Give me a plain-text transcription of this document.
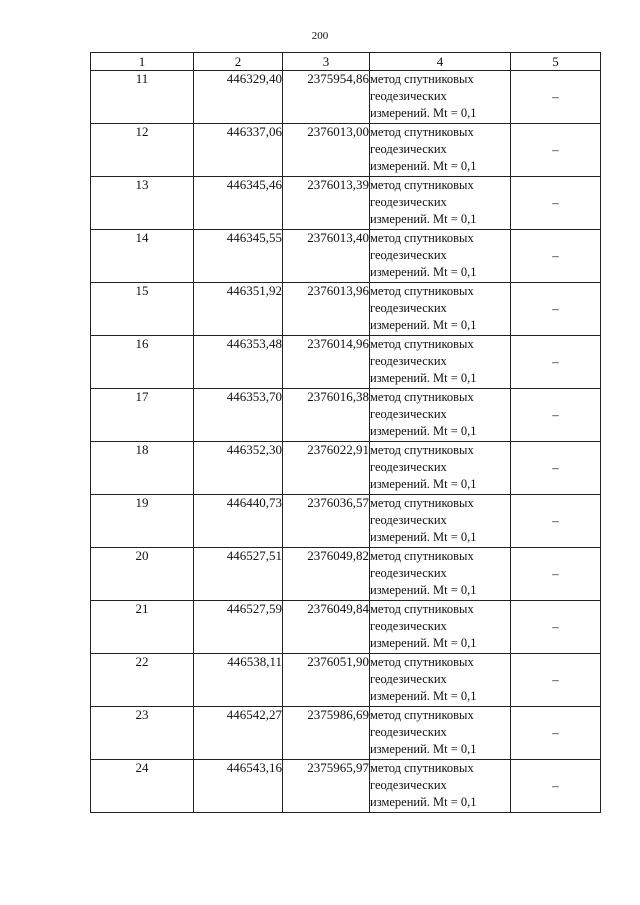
200
1	2	3	4	5
11	446329,40	2375954,86	метод спутниковых
геодезических
измерений. Mt = 0,1	–
12	446337,06	2376013,00	метод спутниковых
геодезических
измерений. Mt = 0,1	–
13	446345,46	2376013,39	метод спутниковых
геодезических
измерений. Mt = 0,1	–
14	446345,55	2376013,40	метод спутниковых
геодезических
измерений. Mt = 0,1	–
15	446351,92	2376013,96	метод спутниковых
геодезических
измерений. Mt = 0,1	–
16	446353,48	2376014,96	метод спутниковых
геодезических
измерений. Mt = 0,1	–
17	446353,70	2376016,38	метод спутниковых
геодезических
измерений. Mt = 0,1	–
18	446352,30	2376022,91	метод спутниковых
геодезических
измерений. Mt = 0,1	–
19	446440,73	2376036,57	метод спутниковых
геодезических
измерений. Mt = 0,1	–
20	446527,51	2376049,82	метод спутниковых
геодезических
измерений. Mt = 0,1	–
21	446527,59	2376049,84	метод спутниковых
геодезических
измерений. Mt = 0,1	–
22	446538,11	2376051,90	метод спутниковых
геодезических
измерений. Mt = 0,1	–
23	446542,27	2375986,69	метод спутниковых
геодезических
измерений. Mt = 0,1	–
24	446543,16	2375965,97	метод спутниковых
геодезических
измерений. Mt = 0,1	–
